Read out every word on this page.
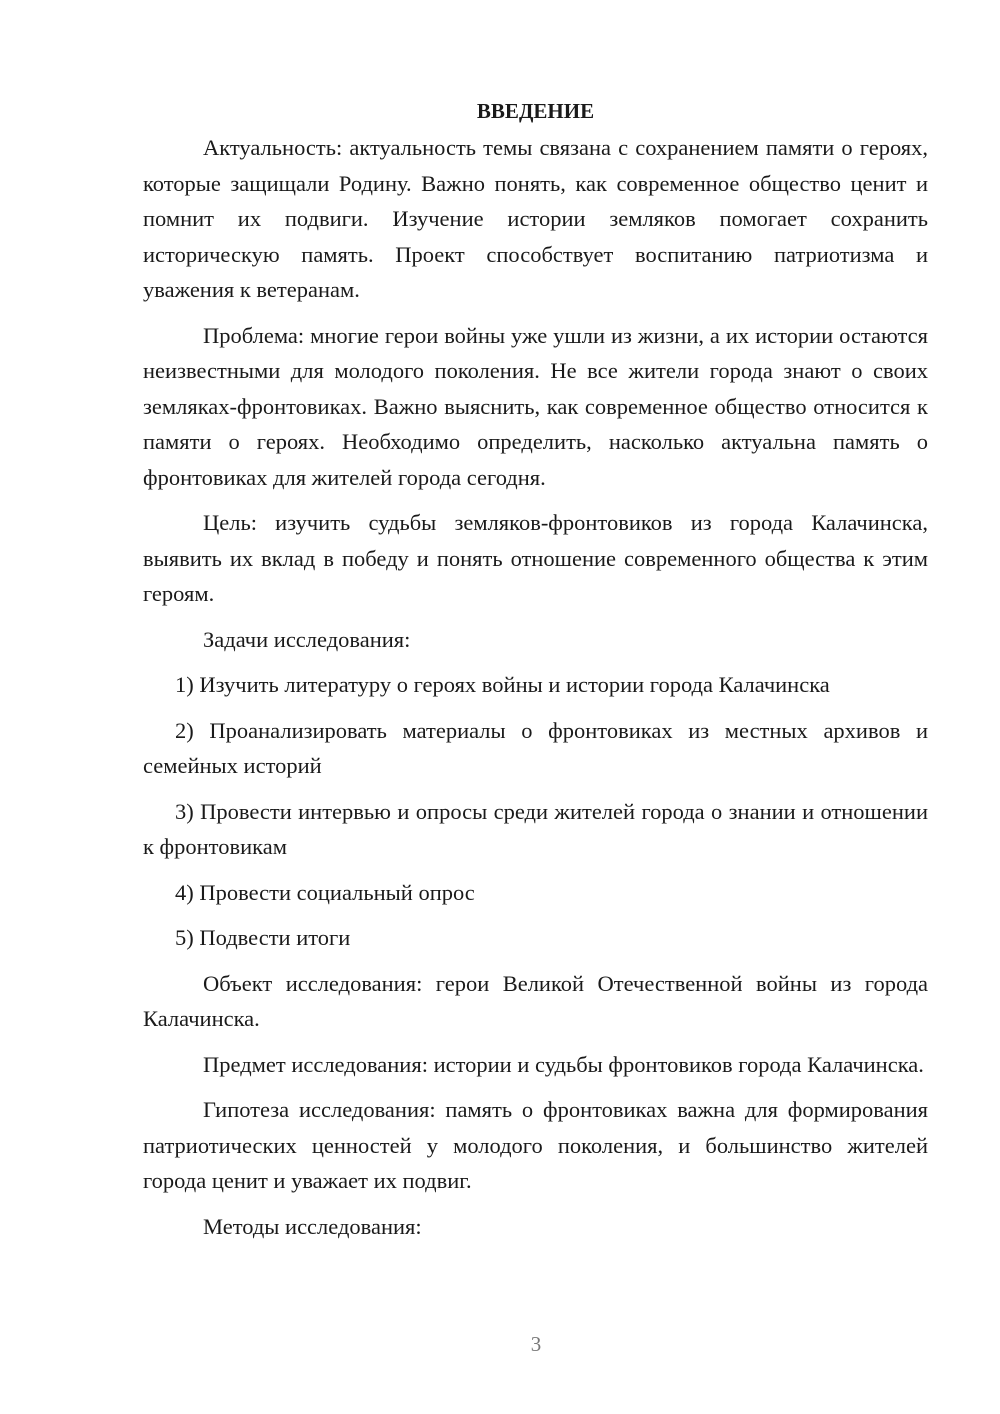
ВВЕДЕНИЕ

Актуальность: актуальность темы связана с сохранением памяти о героях, которые защищали Родину. Важно понять, как современное общество ценит и помнит их подвиги. Изучение истории земляков помогает сохранить историческую память. Проект способствует воспитанию патриотизма и уважения к ветеранам.

Проблема: многие герои войны уже ушли из жизни, а их истории остаются неизвестными для молодого поколения. Не все жители города знают о своих земляках-фронтовиках. Важно выяснить, как современное общество относится к памяти о героях. Необходимо определить, насколько актуальна память о фронтовиках для жителей города сегодня.

Цель: изучить судьбы земляков-фронтовиков из города Калачинска, выявить их вклад в победу и понять отношение современного общества к этим героям.

Задачи исследования:

1) Изучить литературу о героях войны и истории города Калачинска

2) Проанализировать материалы о фронтовиках из местных архивов и семейных историй

3) Провести интервью и опросы среди жителей города о знании и отношении к фронтовикам

4) Провести социальный опрос

5) Подвести итоги

Объект исследования: герои Великой Отечественной войны из города Калачинска.

Предмет исследования: истории и судьбы фронтовиков города Калачинска.

Гипотеза исследования: память о фронтовиках важна для формирования патриотических ценностей у молодого поколения, и большинство жителей города ценит и уважает их подвиг.

Методы исследования:

3
